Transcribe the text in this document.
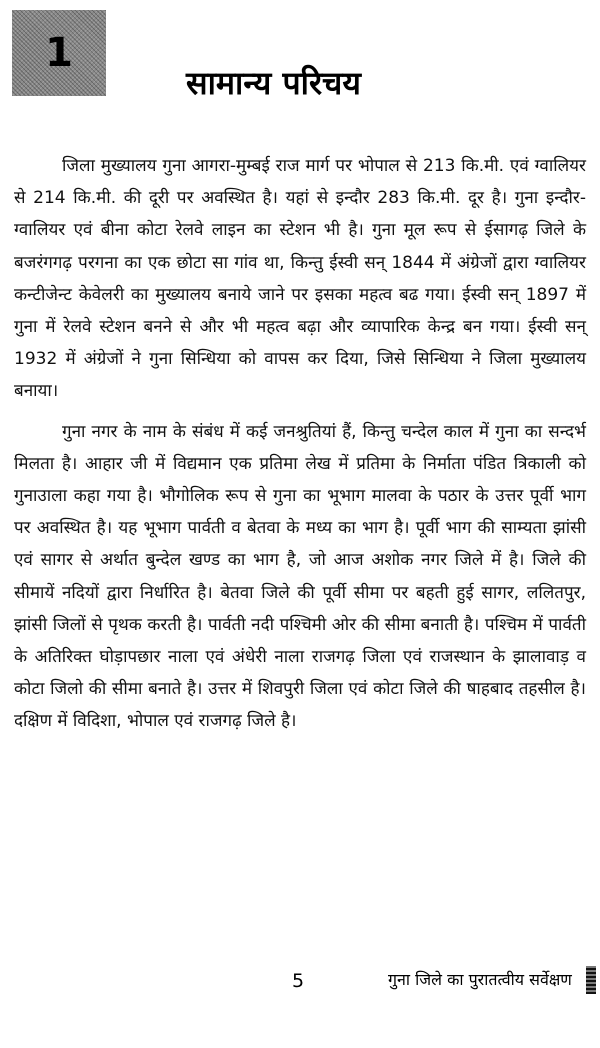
1
सामान्य परिचय

जिला मुख्यालय गुना आगरा-मुम्बई राज मार्ग पर भोपाल से 213 कि.मी. एवं ग्वालियर से 214 कि.मी. की दूरी पर अवस्थित है। यहां से इन्दौर 283 कि.मी. दूर है। गुना इन्दौर-ग्वालियर एवं बीना कोटा रेलवे लाइन का स्टेशन भी है। गुना मूल रूप से ईसागढ़ जिले के बजरंगगढ़ परगना का एक छोटा सा गांव था, किन्तु ईस्वी सन् 1844 में अंग्रेजों द्वारा ग्वालियर कन्टीजेन्ट केवेलरी का मुख्यालय बनाये जाने पर इसका महत्व बढ गया। ईस्वी सन् 1897 में गुना में रेलवे स्टेशन बनने से और भी महत्व बढ़ा और व्यापारिक केन्द्र बन गया। ईस्वी सन् 1932 में अंग्रेजों ने गुना सिन्धिया को वापस कर दिया, जिसे सिन्धिया ने जिला मुख्यालय बनाया।

गुना नगर के नाम के संबंध में कई जनश्रुतियां हैं, किन्तु चन्देल काल में गुना का सन्दर्भ मिलता है। आहार जी में विद्यमान एक प्रतिमा लेख में प्रतिमा के निर्माता पंडित त्रिकाली को गुनाउाला कहा गया है। भौगोलिक रूप से गुना का भूभाग मालवा के पठार के उत्तर पूर्वी भाग पर अवस्थित है। यह भूभाग पार्वती व बेतवा के मध्य का भाग है। पूर्वी भाग की साम्यता झांसी एवं सागर से अर्थात बुन्देल खण्ड का भाग है, जो आज अशोक नगर जिले में है। जिले की सीमायें नदियों द्वारा निर्धारित है। बेतवा जिले की पूर्वी सीमा पर बहती हुई सागर, ललितपुर, झांसी जिलों से पृथक करती है। पार्वती नदी पश्चिमी ओर की सीमा बनाती है। पश्चिम में पार्वती के अतिरिक्त घोड़ापछार नाला एवं अंधेरी नाला राजगढ़ जिला एवं राजस्थान के झालावाड़ व कोटा जिलो की सीमा बनाते है। उत्तर में शिवपुरी जिला एवं कोटा जिले की षाहबाद तहसील है। दक्षिण में विदिशा, भोपाल एवं राजगढ़ जिले है।

5	गुना जिले का पुरातत्वीय सर्वेक्षण
